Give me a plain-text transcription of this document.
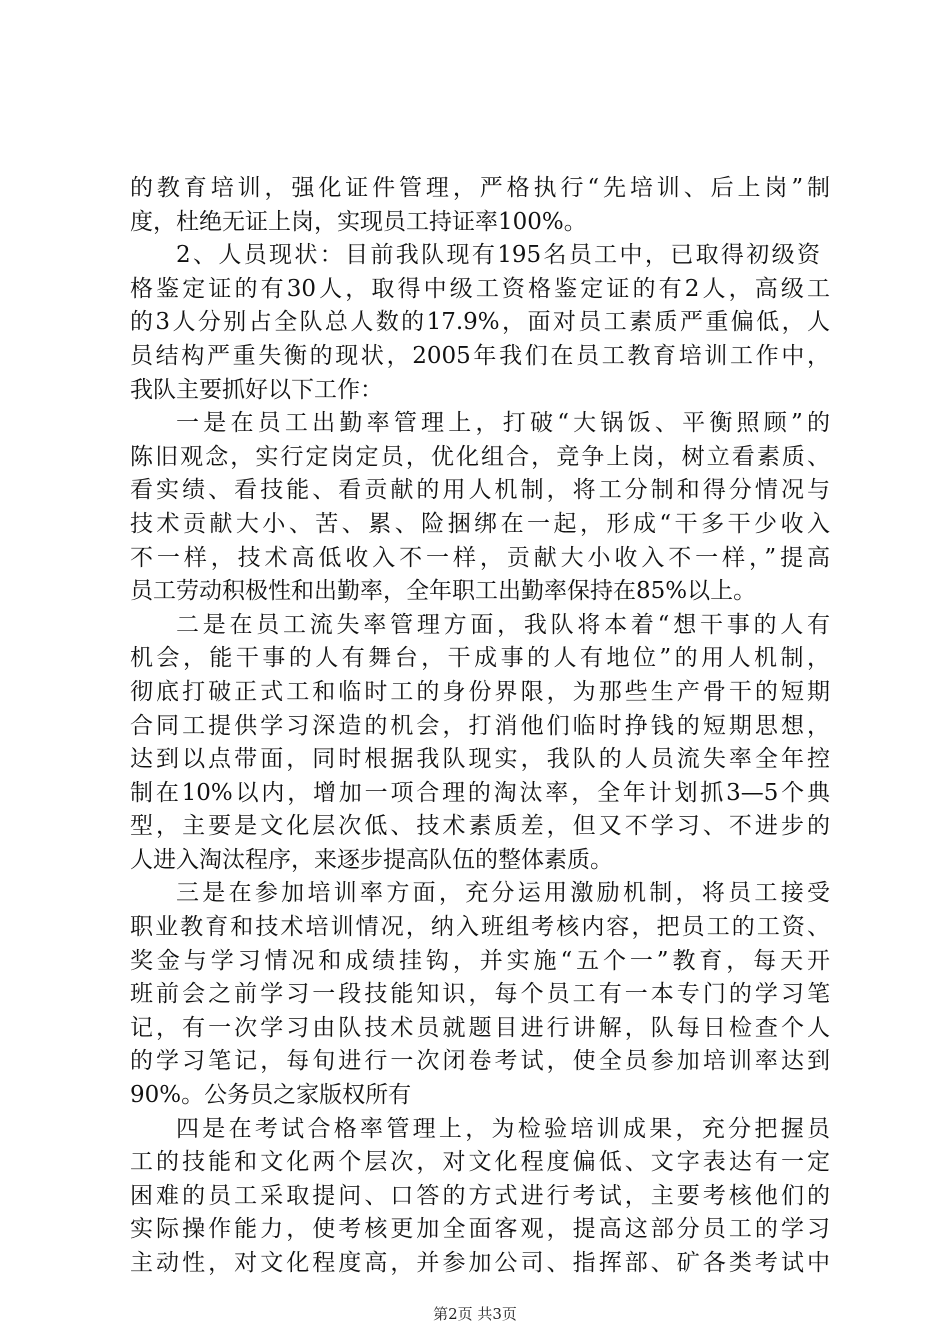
的教育培训，强化证件管理，严格执行“先培训、后上岗”制
度，杜绝无证上岗，实现员工持证率100%。
2、人员现状：目前我队现有195名员工中，已取得初级资
格鉴定证的有30人，取得中级工资格鉴定证的有2人，高级工
的3人分别占全队总人数的17.9%，面对员工素质严重偏低，人
员结构严重失衡的现状，2005年我们在员工教育培训工作中，
我队主要抓好以下工作：
一是在员工出勤率管理上，打破“大锅饭、平衡照顾”的
陈旧观念，实行定岗定员，优化组合，竞争上岗，树立看素质、
看实绩、看技能、看贡献的用人机制，将工分制和得分情况与
技术贡献大小、苦、累、险捆绑在一起，形成“干多干少收入
不一样，技术高低收入不一样，贡献大小收入不一样，”提高
员工劳动积极性和出勤率，全年职工出勤率保持在85%以上。
二是在员工流失率管理方面，我队将本着“想干事的人有
机会，能干事的人有舞台，干成事的人有地位”的用人机制，
彻底打破正式工和临时工的身份界限，为那些生产骨干的短期
合同工提供学习深造的机会，打消他们临时挣钱的短期思想，
达到以点带面，同时根据我队现实，我队的人员流失率全年控
制在10%以内，增加一项合理的淘汰率，全年计划抓3—5个典
型，主要是文化层次低、技术素质差，但又不学习、不进步的
人进入淘汰程序，来逐步提高队伍的整体素质。
三是在参加培训率方面，充分运用激励机制，将员工接受
职业教育和技术培训情况，纳入班组考核内容，把员工的工资、
奖金与学习情况和成绩挂钩，并实施“五个一”教育，每天开
班前会之前学习一段技能知识，每个员工有一本专门的学习笔
记，有一次学习由队技术员就题目进行讲解，队每日检查个人
的学习笔记，每旬进行一次闭卷考试，使全员参加培训率达到
90%。公务员之家版权所有
四是在考试合格率管理上，为检验培训成果，充分把握员
工的技能和文化两个层次，对文化程度偏低、文字表达有一定
困难的员工采取提问、口答的方式进行考试，主要考核他们的
实际操作能力，使考核更加全面客观，提高这部分员工的学习
主动性，对文化程度高，并参加公司、指挥部、矿各类考试中
第2页 共3页
